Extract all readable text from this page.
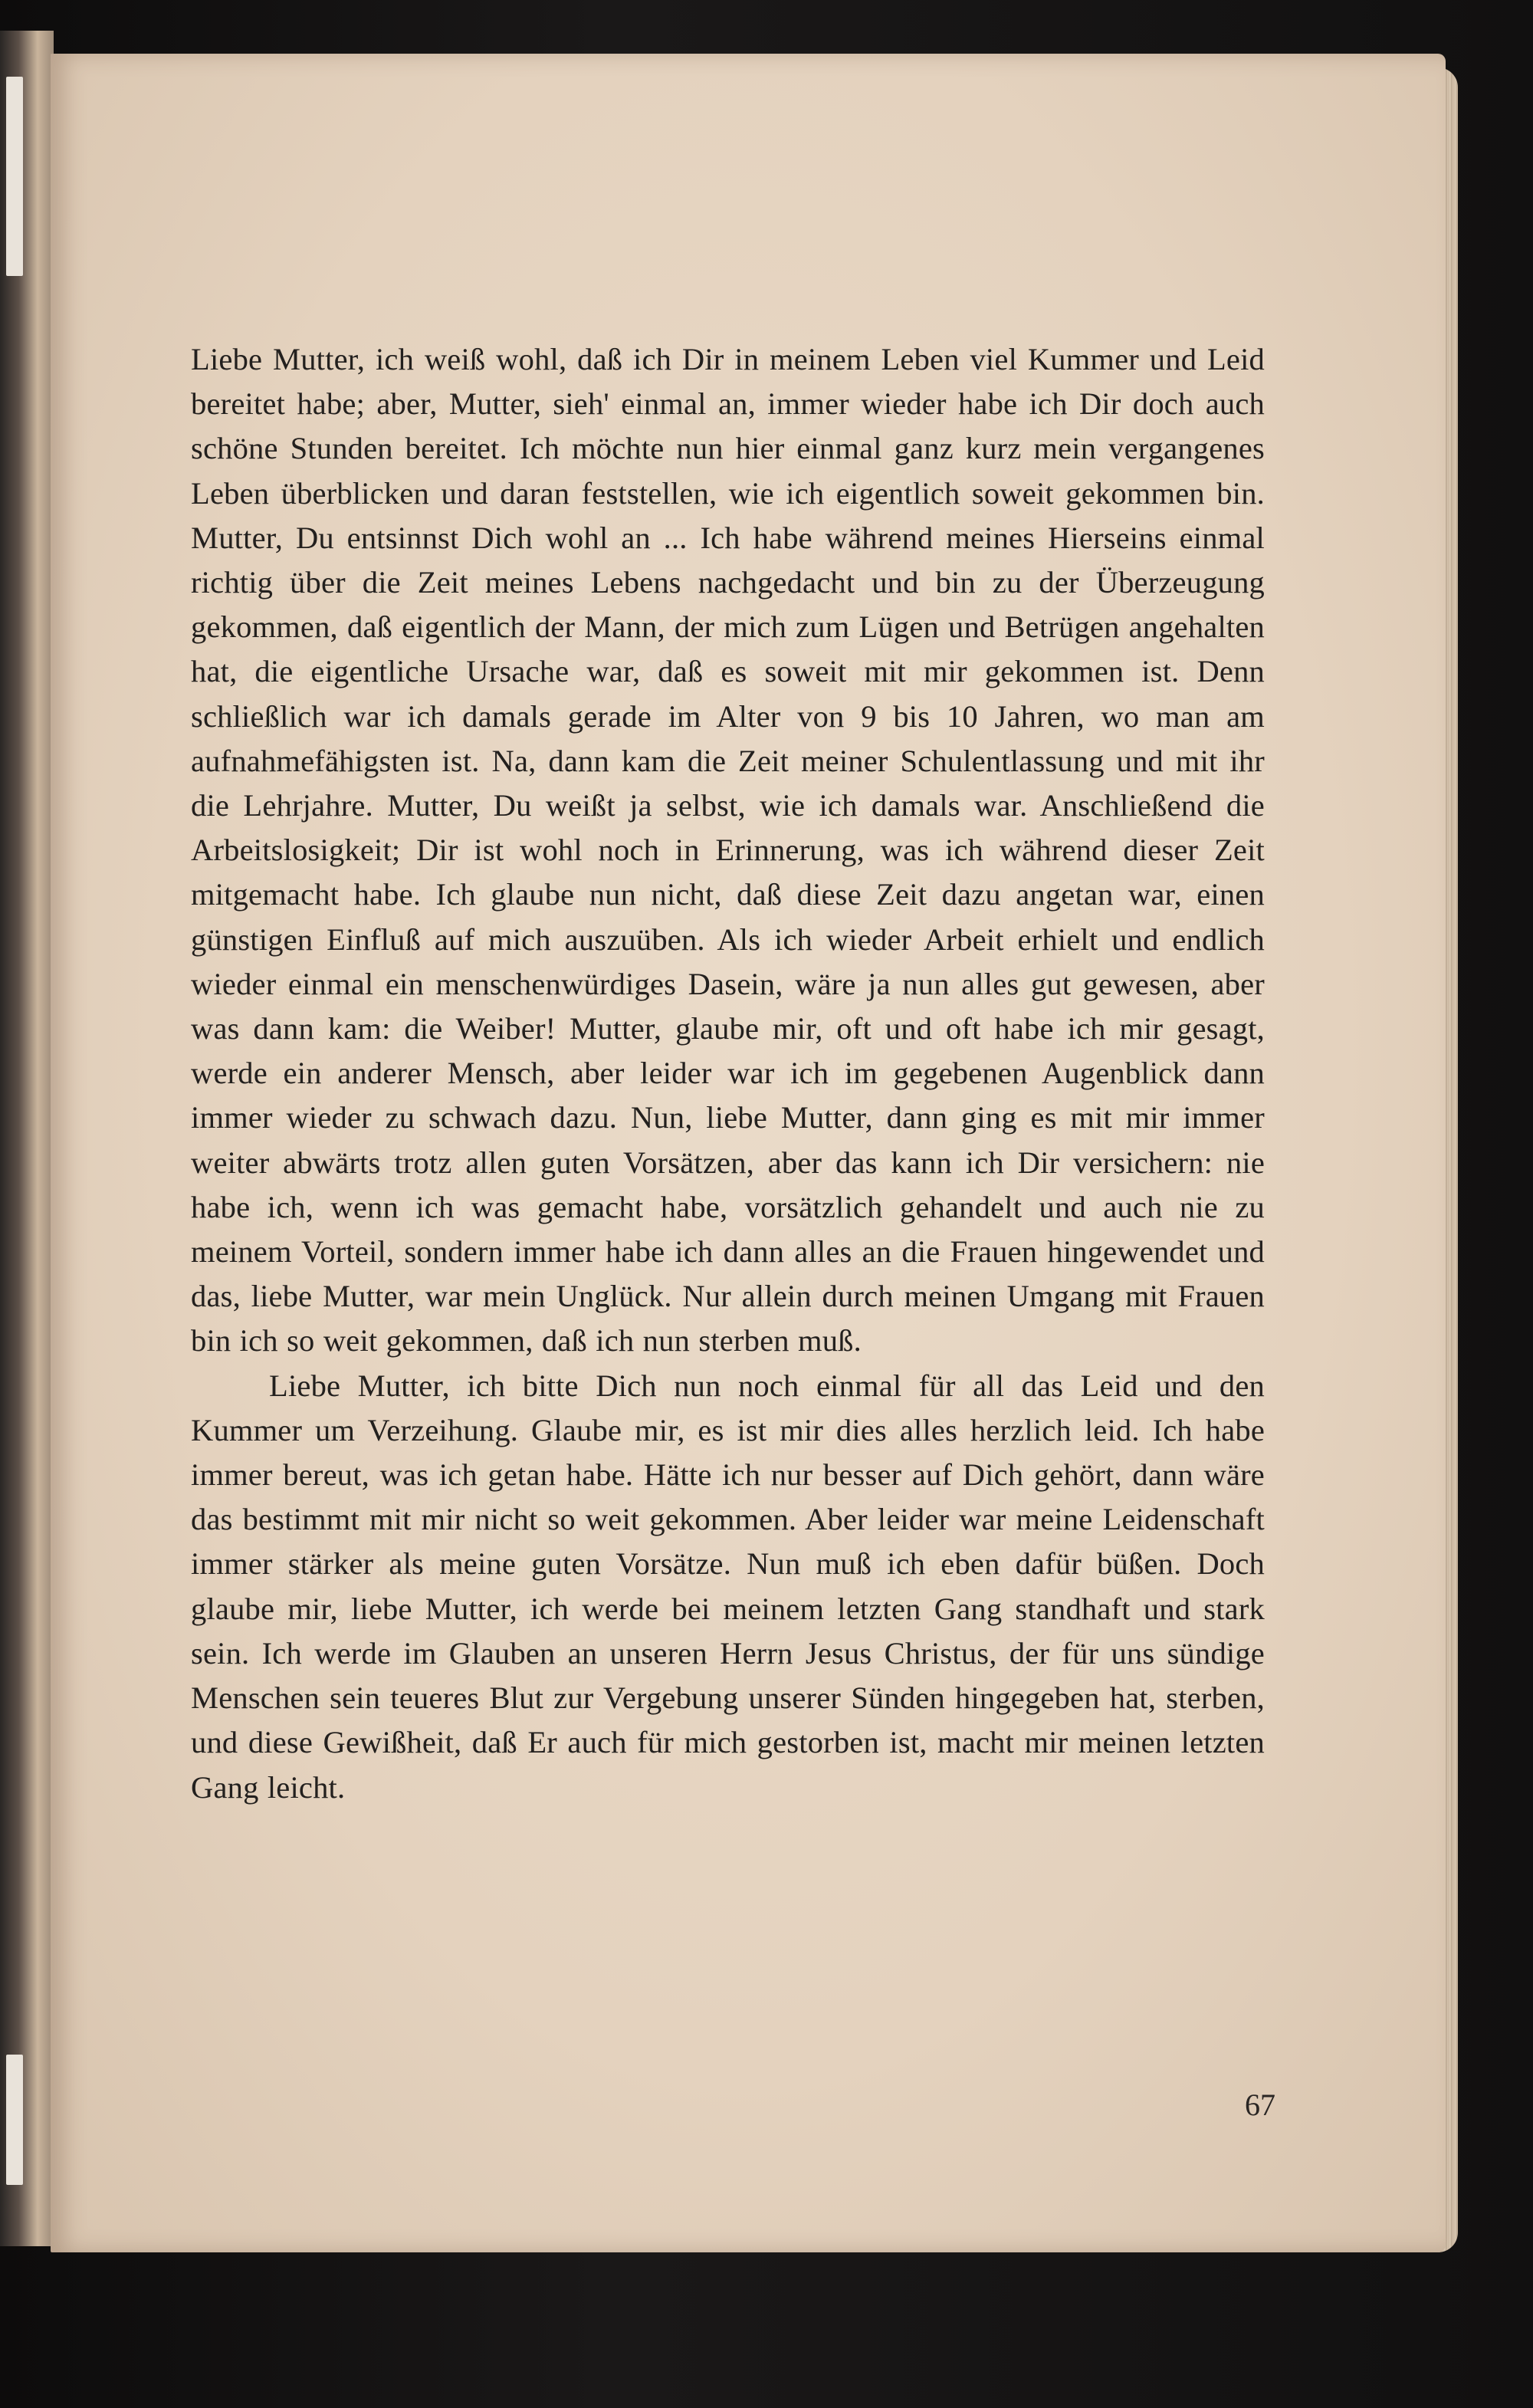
Liebe Mutter, ich weiß wohl, daß ich Dir in meinem Leben viel Kummer und Leid bereitet habe; aber, Mutter, sieh' einmal an, immer wieder habe ich Dir doch auch schöne Stunden bereitet. Ich möchte nun hier einmal ganz kurz mein vergangenes Leben überblicken und daran feststellen, wie ich eigentlich soweit gekommen bin. Mutter, Du entsinnst Dich wohl an ... Ich habe während meines Hierseins einmal richtig über die Zeit meines Lebens nachgedacht und bin zu der Überzeugung gekommen, daß eigentlich der Mann, der mich zum Lügen und Betrügen angehalten hat, die eigentliche Ursache war, daß es soweit mit mir gekommen ist. Denn schließlich war ich damals gerade im Alter von 9 bis 10 Jahren, wo man am aufnahmefähigsten ist. Na, dann kam die Zeit meiner Schulentlassung und mit ihr die Lehrjahre. Mutter, Du weißt ja selbst, wie ich damals war. Anschließend die Arbeitslosigkeit; Dir ist wohl noch in Erinnerung, was ich während dieser Zeit mitgemacht habe. Ich glaube nun nicht, daß diese Zeit dazu angetan war, einen günstigen Einfluß auf mich auszuüben. Als ich wieder Arbeit erhielt und endlich wieder einmal ein menschenwürdiges Dasein, wäre ja nun alles gut gewesen, aber was dann kam: die Weiber! Mutter, glaube mir, oft und oft habe ich mir gesagt, werde ein anderer Mensch, aber leider war ich im gegebenen Augenblick dann immer wieder zu schwach dazu. Nun, liebe Mutter, dann ging es mit mir immer weiter abwärts trotz allen guten Vorsätzen, aber das kann ich Dir versichern: nie habe ich, wenn ich was gemacht habe, vorsätzlich gehandelt und auch nie zu meinem Vorteil, sondern immer habe ich dann alles an die Frauen hingewendet und das, liebe Mutter, war mein Unglück. Nur allein durch meinen Umgang mit Frauen bin ich so weit gekommen, daß ich nun sterben muß.

Liebe Mutter, ich bitte Dich nun noch einmal für all das Leid und den Kummer um Verzeihung. Glaube mir, es ist mir dies alles herzlich leid. Ich habe immer bereut, was ich getan habe. Hätte ich nur besser auf Dich gehört, dann wäre das bestimmt mit mir nicht so weit gekommen. Aber leider war meine Leidenschaft immer stärker als meine guten Vorsätze. Nun muß ich eben dafür büßen. Doch glaube mir, liebe Mutter, ich werde bei meinem letzten Gang standhaft und stark sein. Ich werde im Glauben an unseren Herrn Jesus Christus, der für uns sündige Menschen sein teueres Blut zur Vergebung unserer Sünden hingegeben hat, sterben, und diese Gewißheit, daß Er auch für mich gestorben ist, macht mir meinen letzten Gang leicht.

67
